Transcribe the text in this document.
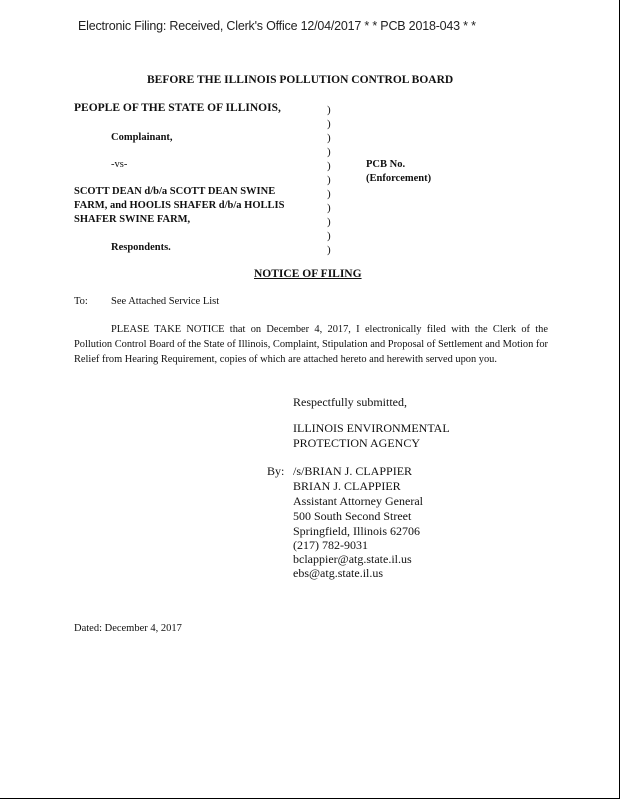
Electronic Filing: Received, Clerk's Office 12/04/2017 * * PCB 2018-043 * *
BEFORE THE ILLINOIS POLLUTION CONTROL BOARD
PEOPLE OF THE STATE OF ILLINOIS,
Complainant,
-vs-
SCOTT DEAN d/b/a SCOTT DEAN SWINE
FARM, and HOOLIS SHAFER d/b/a HOLLIS
SHAFER SWINE FARM,
Respondents.
)
)
)
)
)
)
)
)
)
)
)
PCB No.
(Enforcement)
NOTICE OF FILING
To: See Attached Service List
PLEASE TAKE NOTICE that on December 4, 2017, I electronically filed with the Clerk of the Pollution Control Board of the State of Illinois, Complaint, Stipulation and Proposal of Settlement and Motion for Relief from Hearing Requirement, copies of which are attached hereto and herewith served upon you.
Respectfully submitted,
ILLINOIS ENVIRONMENTAL
PROTECTION AGENCY
By: /s/BRIAN J. CLAPPIER
BRIAN J. CLAPPIER
Assistant Attorney General
500 South Second Street
Springfield, Illinois 62706
(217) 782-9031
bclappier@atg.state.il.us
ebs@atg.state.il.us
Dated: December 4, 2017
